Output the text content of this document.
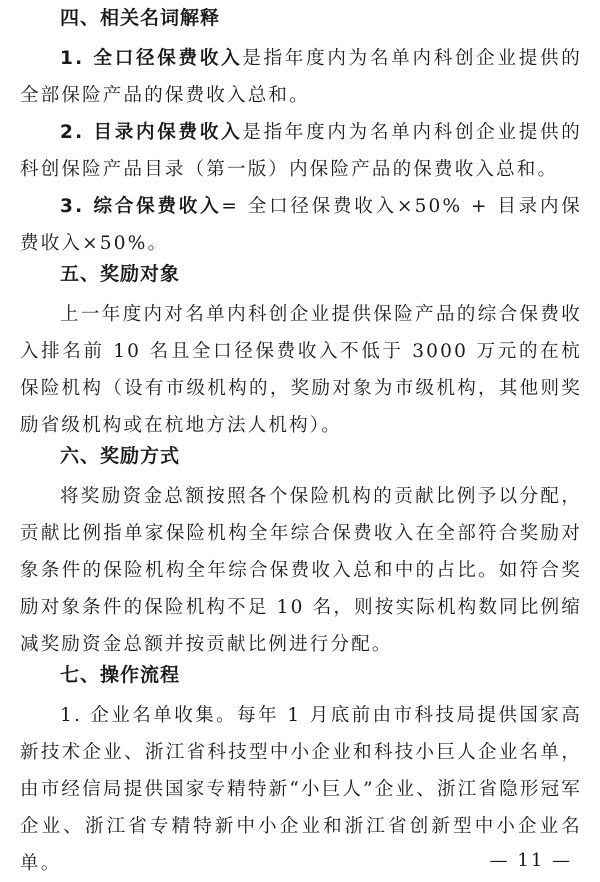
四、相关名词解释

1. 全口径保费收入是指年度内为名单内科创企业提供的全部保险产品的保费收入总和。

2. 目录内保费收入是指年度内为名单内科创企业提供的科创保险产品目录（第一版）内保险产品的保费收入总和。

3. 综合保费收入= 全口径保费收入×50% + 目录内保费收入×50%。

五、奖励对象

上一年度内对名单内科创企业提供保险产品的综合保费收入排名前 10 名且全口径保费收入不低于 3000 万元的在杭保险机构（设有市级机构的，奖励对象为市级机构，其他则奖励省级机构或在杭地方法人机构）。

六、奖励方式

将奖励资金总额按照各个保险机构的贡献比例予以分配，贡献比例指单家保险机构全年综合保费收入在全部符合奖励对象条件的保险机构全年综合保费收入总和中的占比。如符合奖励对象条件的保险机构不足 10 名，则按实际机构数同比例缩减奖励资金总额并按贡献比例进行分配。

七、操作流程

1. 企业名单收集。每年 1 月底前由市科技局提供国家高新技术企业、浙江省科技型中小企业和科技小巨人企业名单，由市经信局提供国家专精特新“小巨人”企业、浙江省隐形冠军企业、浙江省专精特新中小企业和浙江省创新型中小企业名单。	— 11 —
